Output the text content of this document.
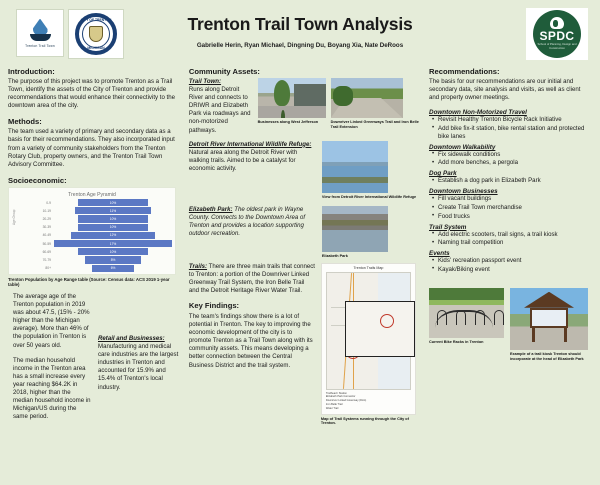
Trenton Trail Town
CITY OF TRENTON
MICHIGAN
SPDC
School of Planning, Design and Construction
Trenton Trail Town Analysis
Gabrielle Herin, Ryan Michael, Dingning Du, Boyang Xia, Nate DeRoos
Introduction:

The purpose of this project was to promote Trenton as a Trail Town, identify the assets of the City of Trenton and provide recommendations that would enhance their connectivity to the downtown area of the city.

Methods:

The team used a variety of primary and secondary data as a basis for their recommendations. They also incorporated input from a variety of community stakeholders from the Trenton Rotary Club, property owners, and the Trenton Trail Town Advisory Committee.

Socioeconomic:
Trenton Age Pyramid
Age Group
0-9	10%
10-19	11%
20-29	10%
30-39	10%
40-49	12%
50-59	17%
60-69	10%
70-79	8%
80+	6%
Trenton Population by Age Range table (Source: Census data: ACS 2019 1-year table)

The average age of the Trenton population in 2019 was about 47.5, (15% - 20% higher than the Michigan average). More than 46% of the population in Trenton is over 50 years old.

The median household income in the Trenton area has a small increase every year reaching $64.2K in 2018, higher than the median household income in Michigan/US during the same period.

Retail and Businesses:
Manufacturing and medical care industries are the largest industries in Trenton and accounted for 15.9% and 15.4% of Trenton's local industry.

Community Assets:
Trail Town:
Runs along Detroit River and connects to DRIWR and Elizabeth Park via roadways and non-motorized pathways.
Businesses along West Jefferson	Downriver Linked Greenways Trail and Iron Belle Trail Extension
Detroit River International Wildlife Refuge: Natural area along the Detroit River with walking trails. Aimed to be a catalyst for economic activity.
View from Detroit River International Wildlife Refuge
Elizabeth Park: The oldest park in Wayne County. Connects to the Downtown Area of Trenton and provides a location supporting outdoor recreation.
Elizabeth Park

Trails: There are three main trails that connect to Trenton: a portion of the Downriver Linked Greenway Trail System, the Iron Belle Trail and the Detroit Heritage River Water Trail.

Key Findings:

The team's findings show there is a lot of potential in Trenton. The key to improving the economic development of the city is to promote Trenton as a Trail Town along with its community assets. This means developing a better connection between the Central Business District and the trail system.

Trenton Trails Map
Trailhead / Station
Elizabeth Park Connector
Downriver Linked Greenway (DLG)
Iron Belle Trail
Water Trail
Map of Trail Systems running through the City of Trenton.
Recommendations:

The basis for our recommendations are our initial and secondary data, site analysis and visits, as well as client and property owner meetings.

Downtown Non-Motorized Travel
• Revisit Healthy Trenton Bicycle Rack Initiative
• Add bike fix-it station, bike rental station and protected bike lanes
Downtown Walkability
• Fix sidewalk conditions
• Add more benches, a pergola
Dog Park
• Establish a dog park in Elizabeth Park
Downtown Businesses
• Fill vacant buildings
• Create Trail Town merchandise
• Food trucks
Trail System
• Add electric scooters, trail signs, a trail kiosk
• Naming trail competition
Events
• Kids' recreation passport event
• Kayak/Biking event
Current Bike Racks in Trenton
Example of a trail kiosk Trenton should incorporate at the head of Elizabeth Park
